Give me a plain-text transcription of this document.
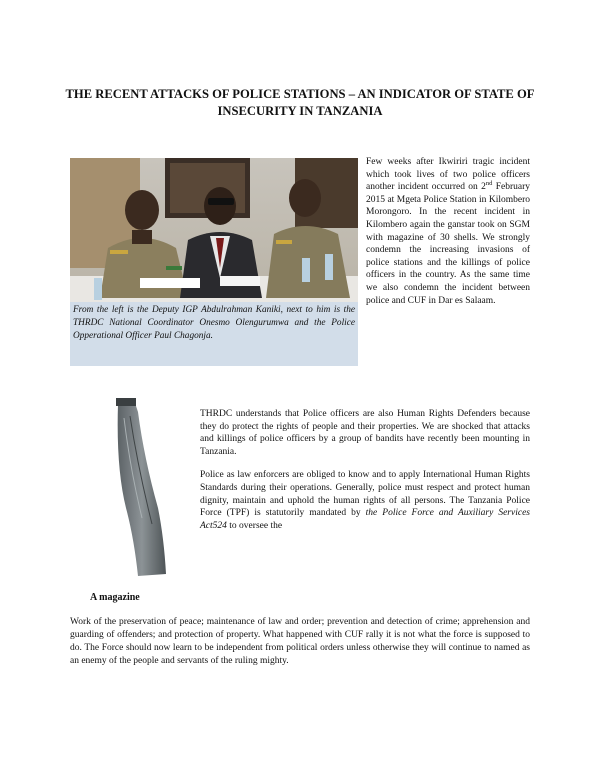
THE RECENT ATTACKS OF POLICE STATIONS – AN INDICATOR OF STATE OF INSECURITY IN TANZANIA
From the left is the Deputy IGP Abdulrahman Kaniki, next to him is the THRDC National Coordinator Onesmo Olengurumwa and the Police Opperational Officer Paul Chagonja.
Few weeks after Ikwiriri tragic incident which took lives of two police officers another incident occurred on 2nd February 2015 at Mgeta Police Station in Kilombero Morongoro. In the recent incident in Kilombero again the ganstar took on SGM with magazine of 30 shells. We strongly condemn the increasing invasions of police stations and the killings of police officers in the country. As the same time we also condemn the incident between police and CUF in Dar es Salaam.
A magazine

THRDC understands that Police officers are also Human Rights Defenders because they do protect the rights of people and their properties. We are shocked that attacks and killings of police officers by a group of bandits have recently been mounting in Tanzania.

Police as law enforcers are obliged to know and to apply International Human Rights Standards during their operations. Generally, police must respect and protect human dignity, maintain and uphold the human rights of all persons. The Tanzania Police Force (TPF) is statutorily mandated by the Police Force and Auxiliary Services Act524 to oversee the

Work of the preservation of peace; maintenance of law and order; prevention and detection of crime; apprehension and guarding of offenders; and protection of property. What happened with CUF rally it is not what the force is supposed to do. The Force should now learn to be independent from political orders unless otherwise they will continue to named as an enemy of the people and servants of the ruling mighty.
